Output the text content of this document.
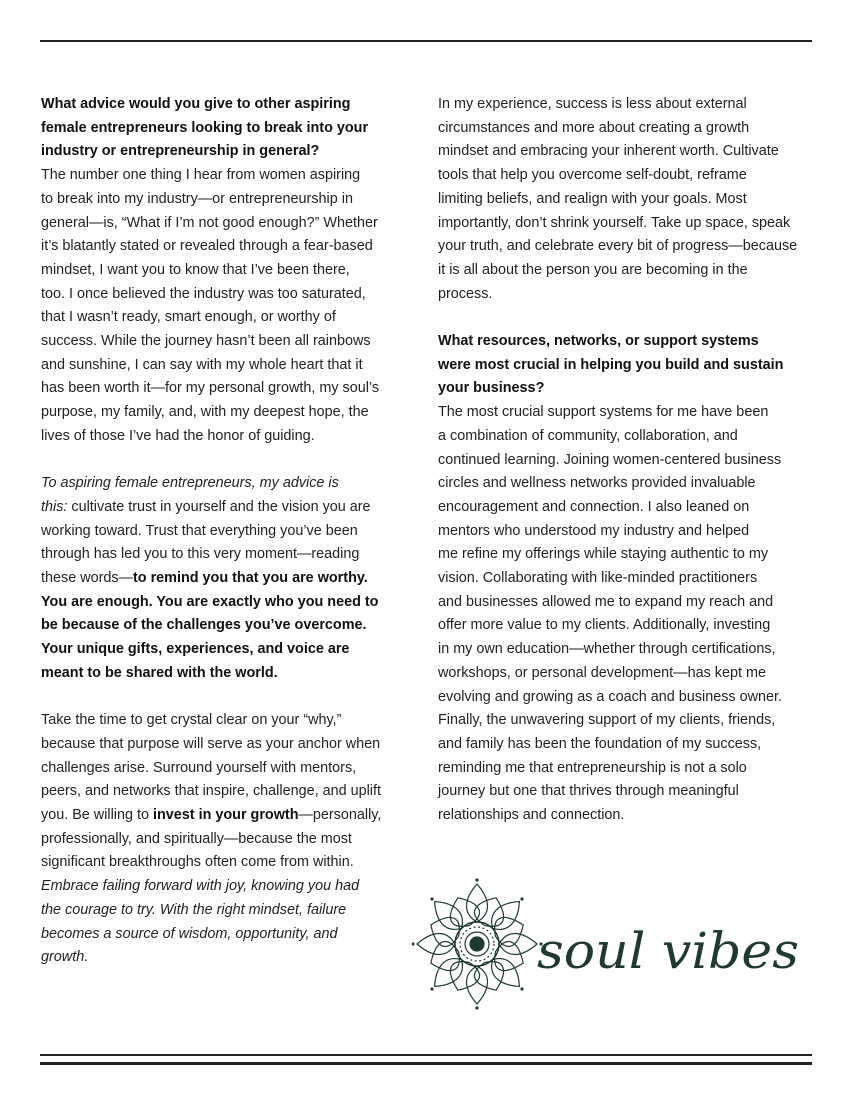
What advice would you give to other aspiring
female entrepreneurs looking to break into your
industry or entrepreneurship in general?

The number one thing I hear from women aspiring
to break into my industry—or entrepreneurship in
general—is, “What if I’m not good enough?” Whether
it’s blatantly stated or revealed through a fear-based
mindset, I want you to know that I’ve been there,
too. I once believed the industry was too saturated,
that I wasn’t ready, smart enough, or worthy of
success. While the journey hasn’t been all rainbows
and sunshine, I can say with my whole heart that it
has been worth it—for my personal growth, my soul’s
purpose, my family, and, with my deepest hope, the
lives of those I’ve had the honor of guiding.

To aspiring female entrepreneurs, my advice is
this: cultivate trust in yourself and the vision you are
working toward. Trust that everything you’ve been
through has led you to this very moment—reading
these words—to remind you that you are worthy.
You are enough. You are exactly who you need to
be because of the challenges you’ve overcome.
Your unique gifts, experiences, and voice are
meant to be shared with the world.

Take the time to get crystal clear on your “why,”
because that purpose will serve as your anchor when
challenges arise. Surround yourself with mentors,
peers, and networks that inspire, challenge, and uplift
you. Be willing to invest in your growth—personally,
professionally, and spiritually—because the most
significant breakthroughs often come from within.
Embrace failing forward with joy, knowing you had
the courage to try. With the right mindset, failure
becomes a source of wisdom, opportunity, and
growth.

In my experience, success is less about external
circumstances and more about creating a growth
mindset and embracing your inherent worth. Cultivate
tools that help you overcome self-doubt, reframe
limiting beliefs, and realign with your goals. Most
importantly, don’t shrink yourself. Take up space, speak
your truth, and celebrate every bit of progress—because
it is all about the person you are becoming in the
process.

What resources, networks, or support systems
were most crucial in helping you build and sustain
your business?

The most crucial support systems for me have been
a combination of community, collaboration, and
continued learning. Joining women-centered business
circles and wellness networks provided invaluable
encouragement and connection. I also leaned on
mentors who understood my industry and helped
me refine my offerings while staying authentic to my
vision. Collaborating with like-minded practitioners
and businesses allowed me to expand my reach and
offer more value to my clients. Additionally, investing
in my own education—whether through certifications,
workshops, or personal development—has kept me
evolving and growing as a coach and business owner.
Finally, the unwavering support of my clients, friends,
and family has been the foundation of my success,
reminding me that entrepreneurship is not a solo
journey but one that thrives through meaningful
relationships and connection.

soul vibes
